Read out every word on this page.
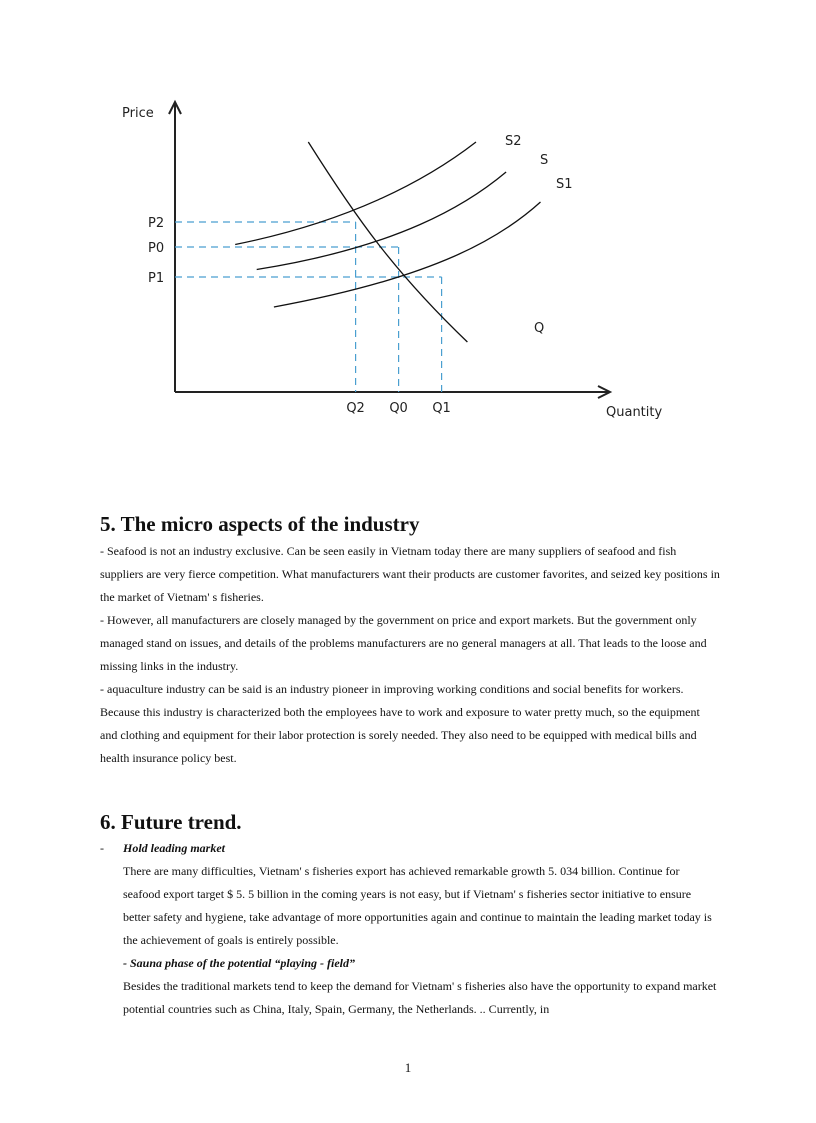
Price
Quantity
P2
Q2
P0
Q0
P1
Q1
S2
S
S1
Q
5. The micro aspects of the industry

- Seafood is not an industry exclusive. Can be seen easily in Vietnam today there are many suppliers of seafood and fish suppliers are very fierce competition. What manufacturers want their products are customer favorites, and seized key positions in the market of Vietnam' s fisheries.

- However, all manufacturers are closely managed by the government on price and export markets. But the government only managed stand on issues, and details of the problems manufacturers are no general managers at all. That leads to the loose and missing links in the industry.

- aquaculture industry can be said is an industry pioneer in improving working conditions and social benefits for workers. Because this industry is characterized both the employees have to work and exposure to water pretty much, so the equipment and clothing and equipment for their labor protection is sorely needed. They also need to be equipped with medical bills and health insurance policy best.

6. Future trend.
- Hold leading market

There are many difficulties, Vietnam' s fisheries export has achieved remarkable growth 5. 034 billion. Continue for seafood export target $ 5. 5 billion in the coming years is not easy, but if Vietnam' s fisheries sector initiative to ensure better safety and hygiene, take advantage of more opportunities again and continue to maintain the leading market today is the achievement of goals is entirely possible.

- Sauna phase of the potential “playing - field”

Besides the traditional markets tend to keep the demand for Vietnam' s fisheries also have the opportunity to expand market potential countries such as China, Italy, Spain, Germany, the Netherlands. .. Currently, in

1
